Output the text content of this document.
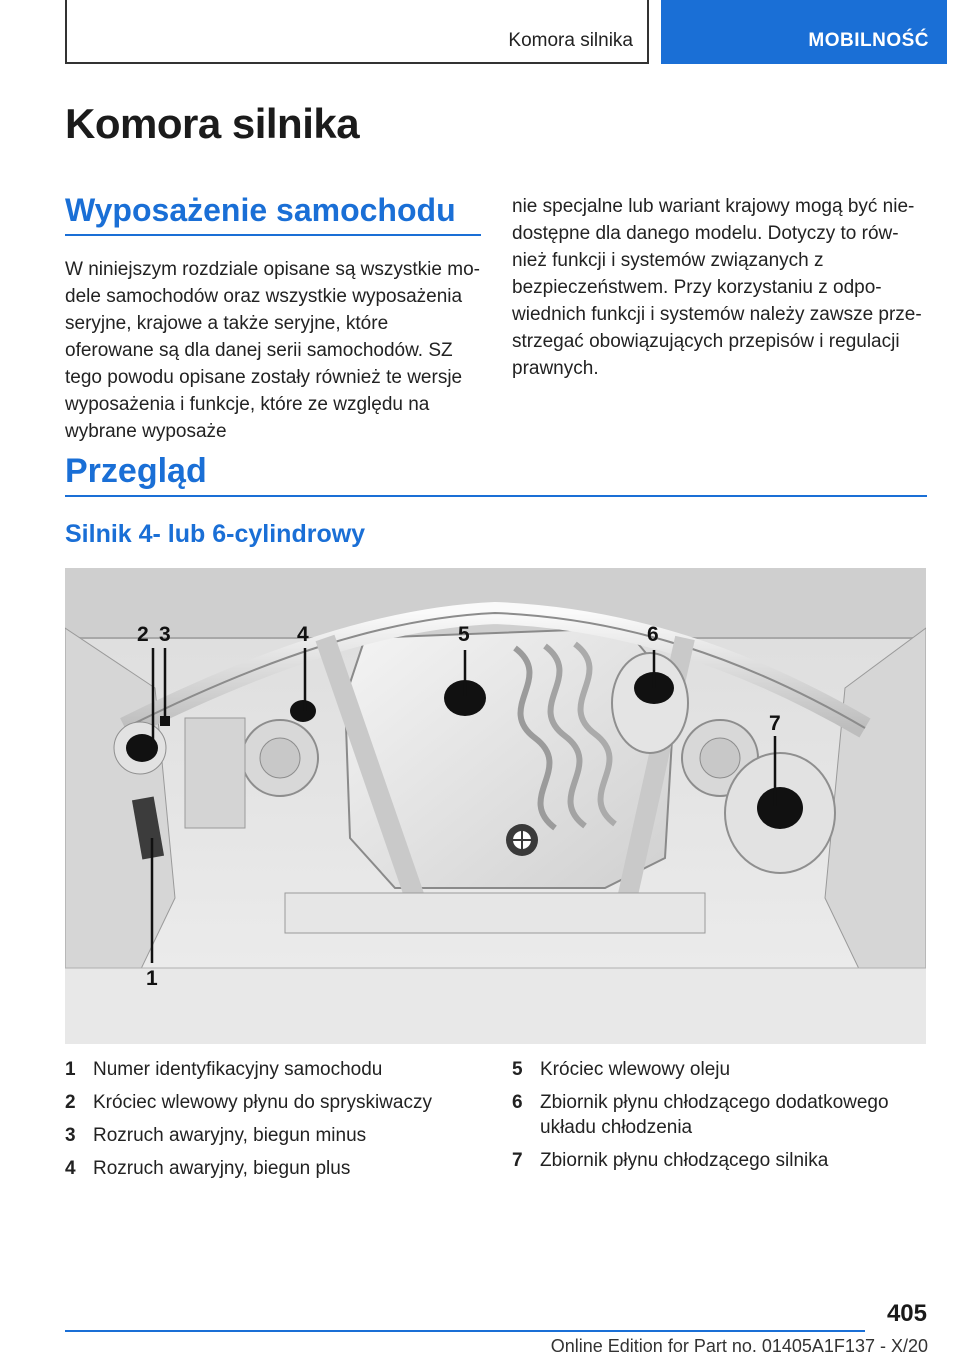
Komora silnika	MOBILNOŚĆ
Komora silnika
Wyposażenie samochodu

W niniejszym rozdziale opisane są wszystkie modele samochodów oraz wszystkie wyposażenia seryjne, krajowe a także seryjne, które oferowane są dla danej serii samochodów. SZ tego powodu opisane zostały również te wersje wyposażenia i funkcje, które ze względu na wybrane wyposaże

nie specjalne lub wariant krajowy mogą być niedostępne dla danego modelu. Dotyczy to również funkcji i systemów związanych z bezpieczeństwem. Przy korzystaniu z odpowiednich funkcji i systemów należy zawsze przestrzegać obowiązujących przepisów i regulacji prawnych.

Przegląd
Silnik 4- lub 6-cylindrowy
2 3	4	5	6
7
1
1 Numer identyfikacyjny samochodu
2 Króciec wlewowy płynu do spryskiwaczy
3 Rozruch awaryjny, biegun minus
4 Rozruch awaryjny, biegun plus
5 Króciec wlewowy oleju
6 Zbiornik płynu chłodzącego dodatkowego układu chłodzenia
7 Zbiornik płynu chłodzącego silnika
405
Online Edition for Part no. 01405A1F137 - X/20
